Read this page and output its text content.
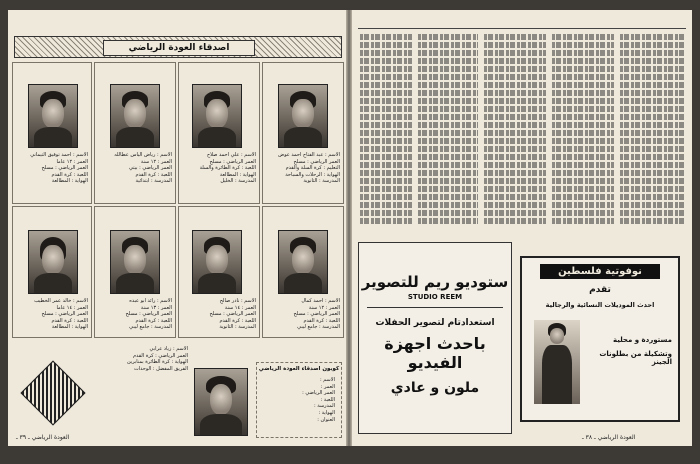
اصدقاء العودة الرياضي
الاسم : احمد توفيق التيماني
العمر : ١٢ عاما
العمر الرياضي : مسلح
اللعبة : كرة القدم
الهواية : المطالعة
الاسم : رياض الياس عطالله
العمر : ١٢ سنة
العمر الرياضي : بيتي
اللعبة : كرة القدم
المدرسة : ابتدائية
الاسم : علي احمد صلاح
العمر الرياضي : مسلح
اللعبة : كرة الطائرة والسلة
الهواية : المطالعة
المدرسة : الخليل
الاسم : عبد الفتاح احمد عوض
العمر الرياضي : مسلح
التعليم : كرة السلة والقدم
الهواية : الرحلات والسباحة
المدرسة : الثانوية
الاسم : خالد عمر الخطيب
العمر : ١٤ عاما
العمر الرياضي : مسلح
اللعبة : كرة القدم
الهواية : المطالعة
الاسم : رائد ابو عبده
العمر : ١٣ سنة
العمر الرياضي : مسلح
اللعبة : كرة القدم
المدرسة : جامع ليبي
الاسم : نادر صالح
العمر : ١٤ سنة
العمر الرياضي : مسلح
اللعبة : كرة القدم
المدرسة : الثانوية
الاسم : احمد كمال
العمر : ١٢ سنة
العمر الرياضي : مسلح
اللعبة : كرة القدم
المدرسة : جامع ليبي
الاسم : زياد عرابي
العمر الرياضي : كرة القدم
الهواية : كرة الطائرة بمنابرين
الفريق المفضل : الوحدات	كوبون اصدقاء العودة الرياضي
الاسم :
العمر :
العمر الرياضي :
اللعبة :
المدرسة :
الهواية :
العنوان :
العودة الرياضي ـ ٣٩ ـ
ستوديو ريم للتصوير
STUDIO REEM
استعدادتام لتصوير الحفلات
باحدث اجهزة الفيديو
ملون و عادي
نوفوتية فلسطين
تقدم
احدث الموديلات النسائية والرجالية
مستوردة و محلية
وتشكيلة من بطلونات الجينز
العودة الرياضي ـ ٣٨ ـ
